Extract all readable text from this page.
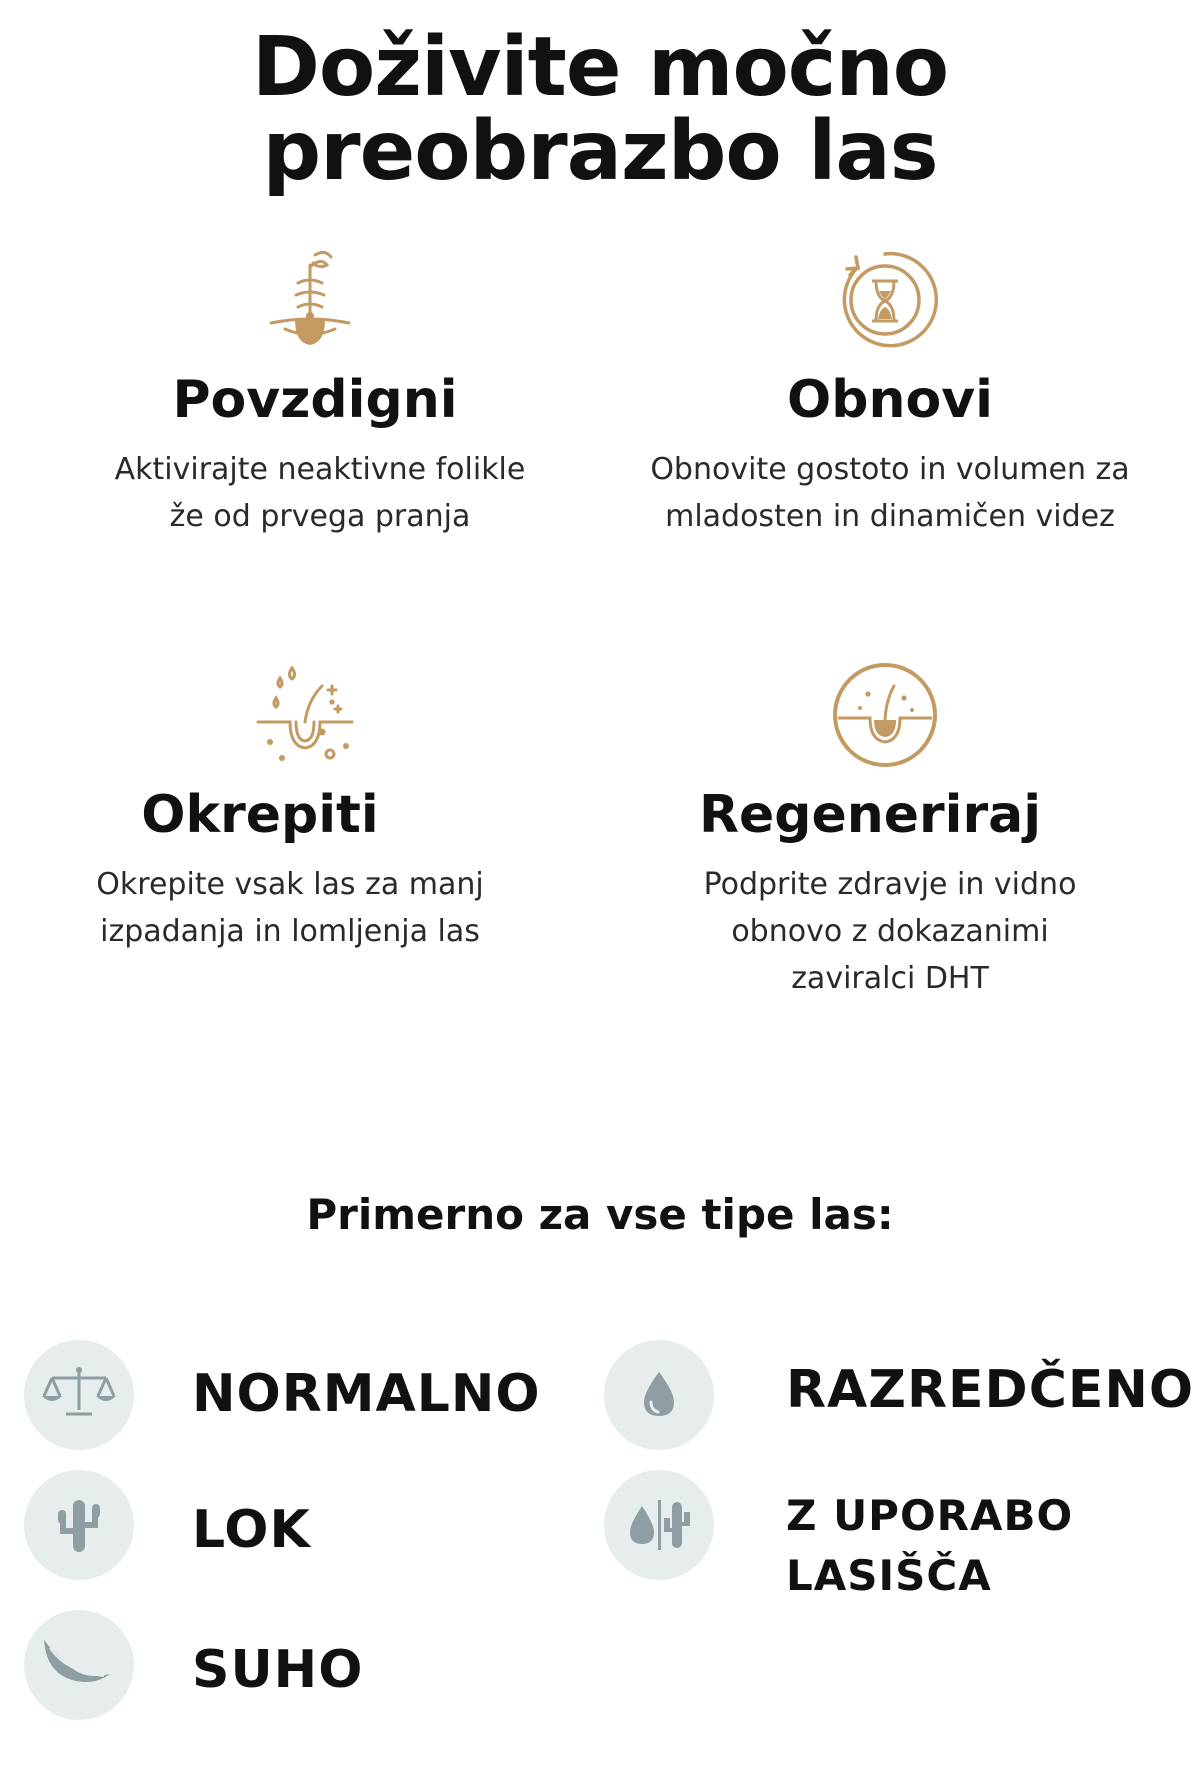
Doživite močno
preobrazbo las
Povzdigni

Aktivirajte neaktivne folikle že od prvega pranja

Obnovi

Obnovite gostoto in volumen za mladosten in dinamičen videz

Okrepiti

Okrepite vsak las za manj izpadanja in lomljenja las

Regeneriraj

Podprite zdravje in vidno obnovo z dokazanimi zaviralci DHT

Primerno za vse tipe las:

NORMALNO	RAZREDČENO

LOK	Z UPORABO LASIŠČA

SUHO
